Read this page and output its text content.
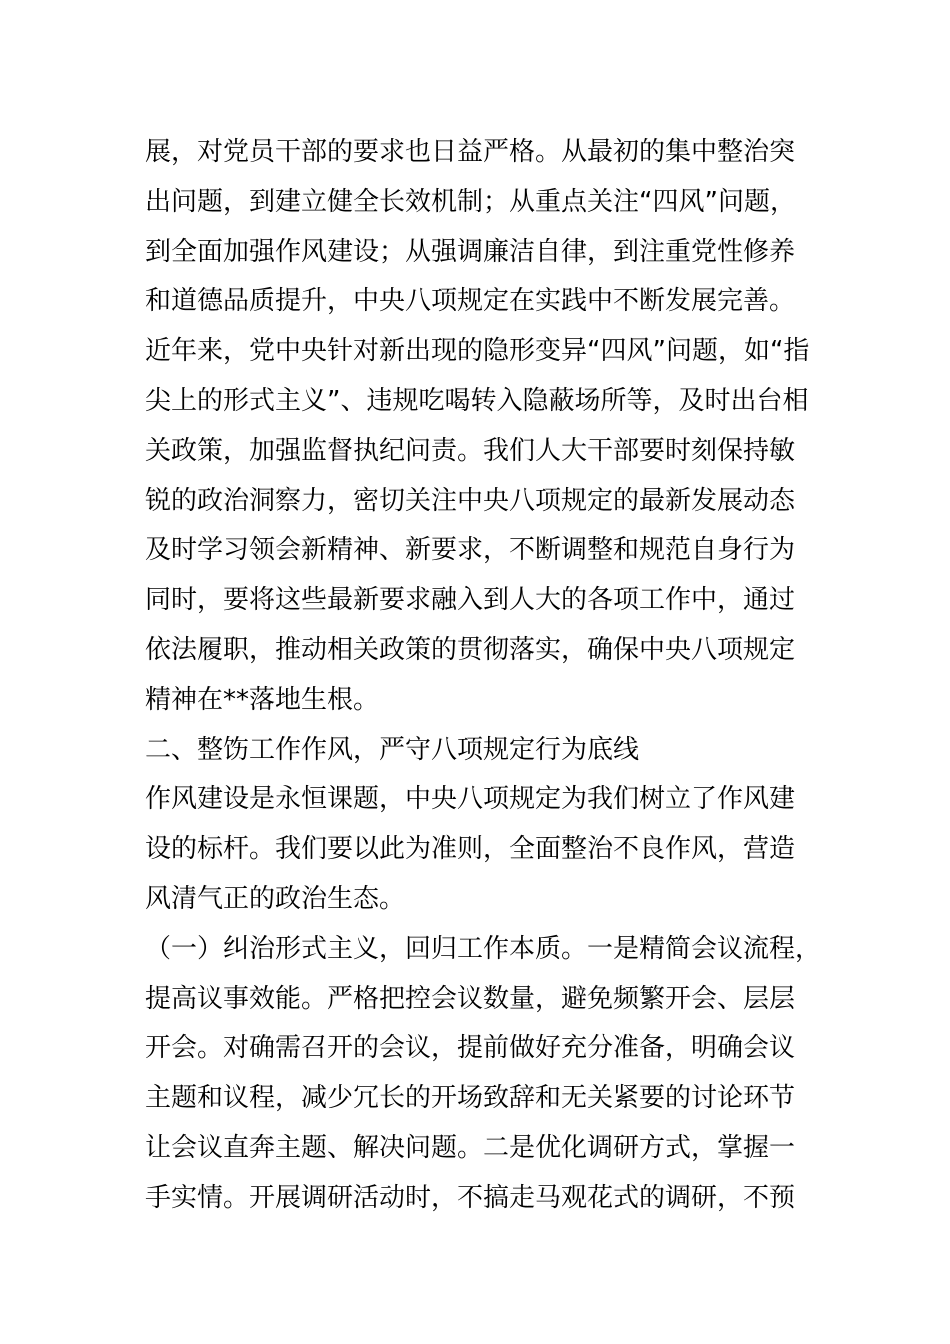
展，对党员干部的要求也日益严格。从最初的集中整治突
出问题，到建立健全长效机制；从重点关注“四风”问题，
到全面加强作风建设；从强调廉洁自律，到注重党性修养
和道德品质提升，中央八项规定在实践中不断发展完善。
近年来，党中央针对新出现的隐形变异“四风”问题，如“指
尖上的形式主义”、违规吃喝转入隐蔽场所等，及时出台相
关政策，加强监督执纪问责。我们人大干部要时刻保持敏
锐的政治洞察力，密切关注中央八项规定的最新发展动态
及时学习领会新精神、新要求，不断调整和规范自身行为
同时，要将这些最新要求融入到人大的各项工作中，通过
依法履职，推动相关政策的贯彻落实，确保中央八项规定
精神在**落地生根。
二、整饬工作作风，严守八项规定行为底线
作风建设是永恒课题，中央八项规定为我们树立了作风建
设的标杆。我们要以此为准则，全面整治不良作风，营造
风清气正的政治生态。
（一）纠治形式主义，回归工作本质。一是精简会议流程，
提高议事效能。严格把控会议数量，避免频繁开会、层层
开会。对确需召开的会议，提前做好充分准备，明确会议
主题和议程，减少冗长的开场致辞和无关紧要的讨论环节
让会议直奔主题、解决问题。二是优化调研方式，掌握一
手实情。开展调研活动时，不搞走马观花式的调研，不预
